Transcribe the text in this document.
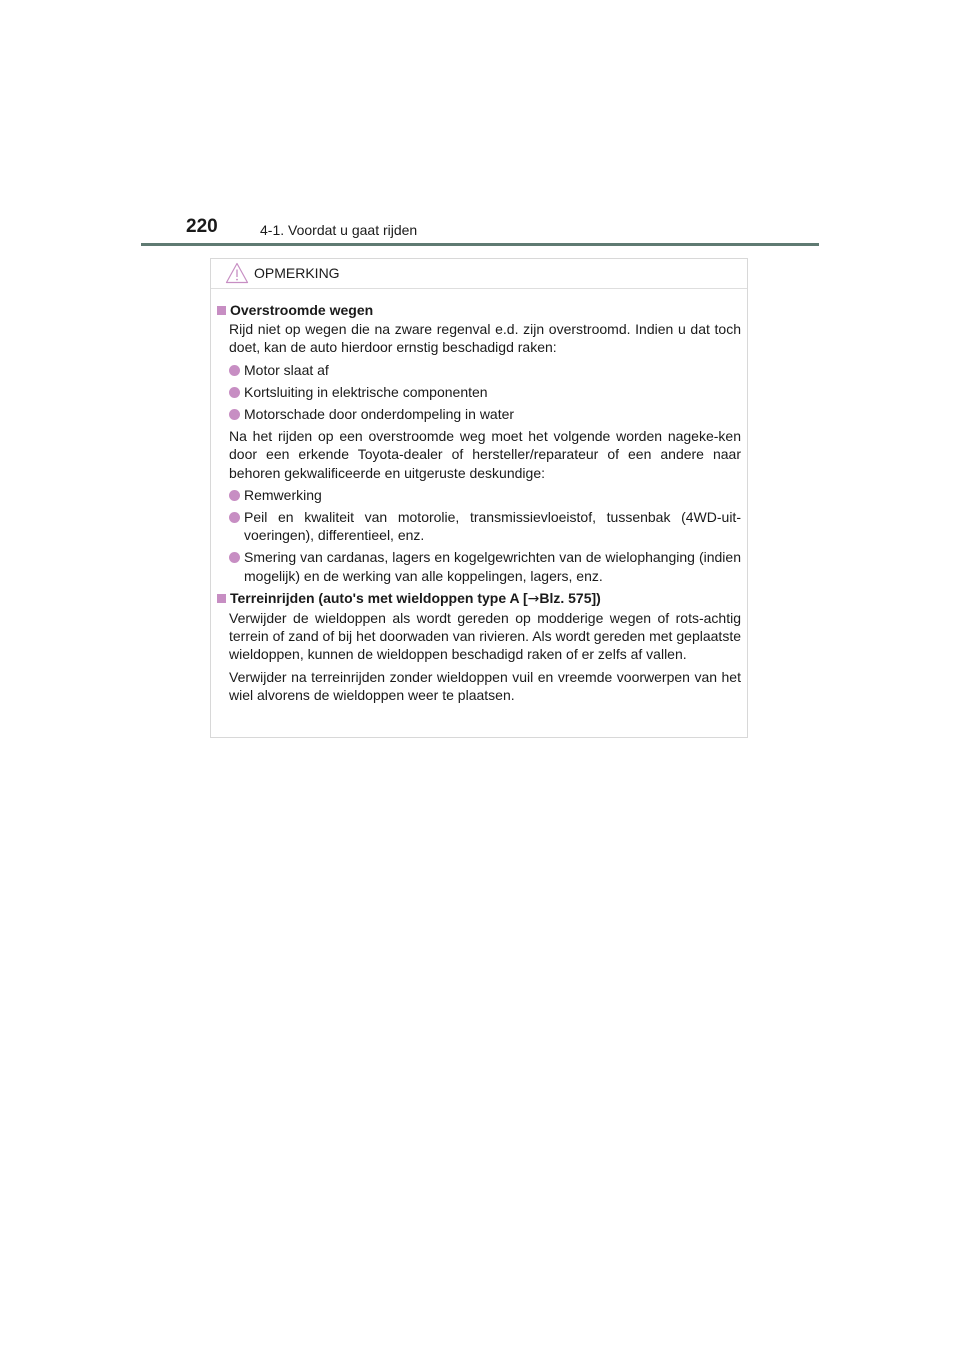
220	4-1. Voordat u gaat rijden
OPMERKING
Overstroomde wegen
Rijd niet op wegen die na zware regenval e.d. zijn overstroomd. Indien u dat toch doet, kan de auto hierdoor ernstig beschadigd raken:
Motor slaat af
Kortsluiting in elektrische componenten
Motorschade door onderdompeling in water
Na het rijden op een overstroomde weg moet het volgende worden nageke-ken door een erkende Toyota-dealer of hersteller/reparateur of een andere naar behoren gekwalificeerde en uitgeruste deskundige:
Remwerking
Peil en kwaliteit van motorolie, transmissievloeistof, tussenbak (4WD-uit-voeringen), differentieel, enz.
Smering van cardanas, lagers en kogelgewrichten van de wielophanging (indien mogelijk) en de werking van alle koppelingen, lagers, enz.
Terreinrijden (auto's met wieldoppen type A [→Blz. 575])
Verwijder de wieldoppen als wordt gereden op modderige wegen of rots-achtig terrein of zand of bij het doorwaden van rivieren. Als wordt gereden met geplaatste wieldoppen, kunnen de wieldoppen beschadigd raken of er zelfs af vallen.
Verwijder na terreinrijden zonder wieldoppen vuil en vreemde voorwerpen van het wiel alvorens de wieldoppen weer te plaatsen.
